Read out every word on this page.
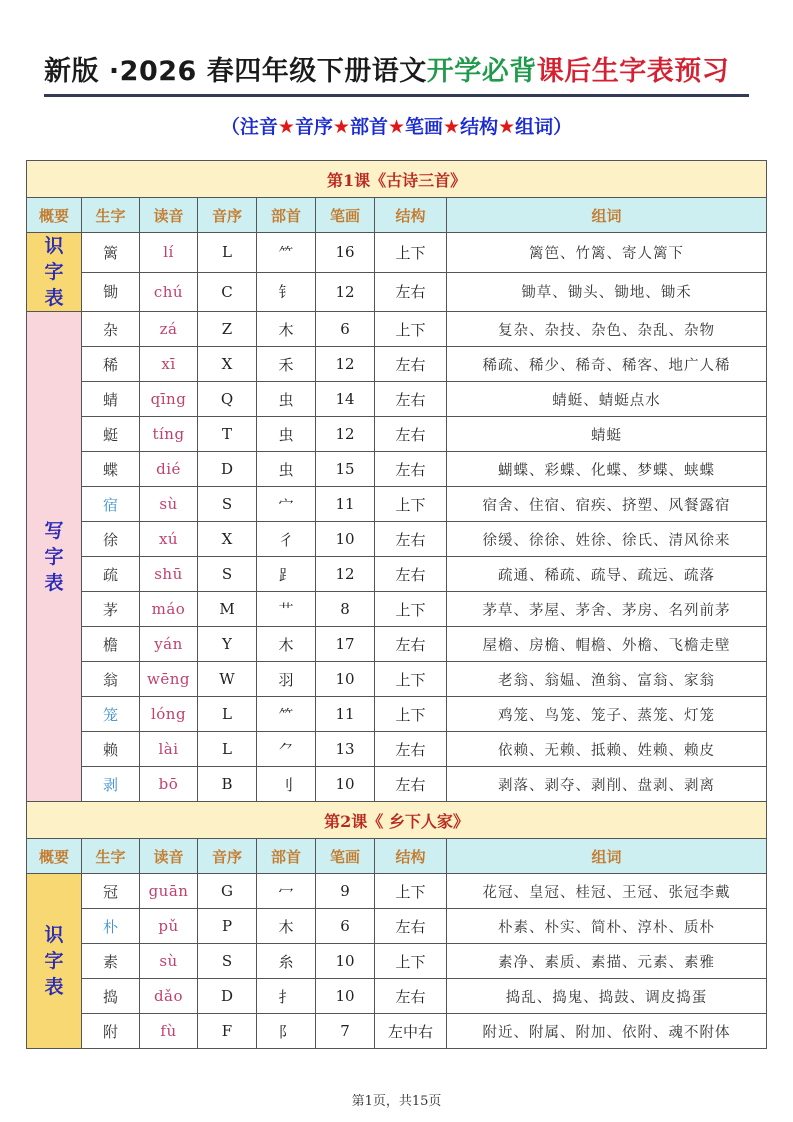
新版 ·2026 春四年级下册语文开学必背课后生字表预习
（注音★音序★部首★笔画★结构★组词）
第1课《古诗三首》							
概要	生字	读音	音序	部首	笔画	结构	组词

识
字
表	篱	lí	L	⺮	16	上下	篱笆、竹篱、寄人篱下
	锄	chú	C	钅	12	左右	锄草、锄头、锄地、锄禾

写
字
表	杂	zá	Z	木	6	上下	复杂、杂技、杂色、杂乱、杂物
	稀	xī	X	禾	12	左右	稀疏、稀少、稀奇、稀客、地广人稀
	蜻	qīng	Q	虫	14	左右	蜻蜓、蜻蜓点水
	蜓	tíng	T	虫	12	左右	蜻蜓
	蝶	dié	D	虫	15	左右	蝴蝶、彩蝶、化蝶、梦蝶、蛱蝶
	宿	sù	S	宀	11	上下	宿舍、住宿、宿疾、挤塑、风餐露宿
	徐	xú	X	彳	10	左右	徐缓、徐徐、姓徐、徐氏、清风徐来
	疏	shū	S	⻊	12	左右	疏通、稀疏、疏导、疏远、疏落
	茅	máo	M	艹	8	上下	茅草、茅屋、茅舍、茅房、名列前茅
	檐	yán	Y	木	17	左右	屋檐、房檐、帽檐、外檐、飞檐走壁
	翁	wēng	W	羽	10	上下	老翁、翁媪、渔翁、富翁、家翁
	笼	lóng	L	⺮	11	上下	鸡笼、鸟笼、笼子、蒸笼、灯笼
	赖	lài	L	⺈	13	左右	依赖、无赖、抵赖、姓赖、赖皮
	剥	bō	B	刂	10	左右	剥落、剥夺、剥削、盘剥、剥离
第2课《 乡下人家》							
概要	生字	读音	音序	部首	笔画	结构	组词

识
字
表	冠	guān	G	冖	9	上下	花冠、皇冠、桂冠、王冠、张冠李戴
	朴	pǔ	P	木	6	左右	朴素、朴实、简朴、淳朴、质朴
	素	sù	S	糸	10	上下	素净、素质、素描、元素、素雅
	捣	dǎo	D	扌	10	左右	捣乱、捣鬼、捣鼓、调皮捣蛋
	附	fù	F	阝	7	左中右	附近、附属、附加、依附、魂不附体
第1页，共15页
